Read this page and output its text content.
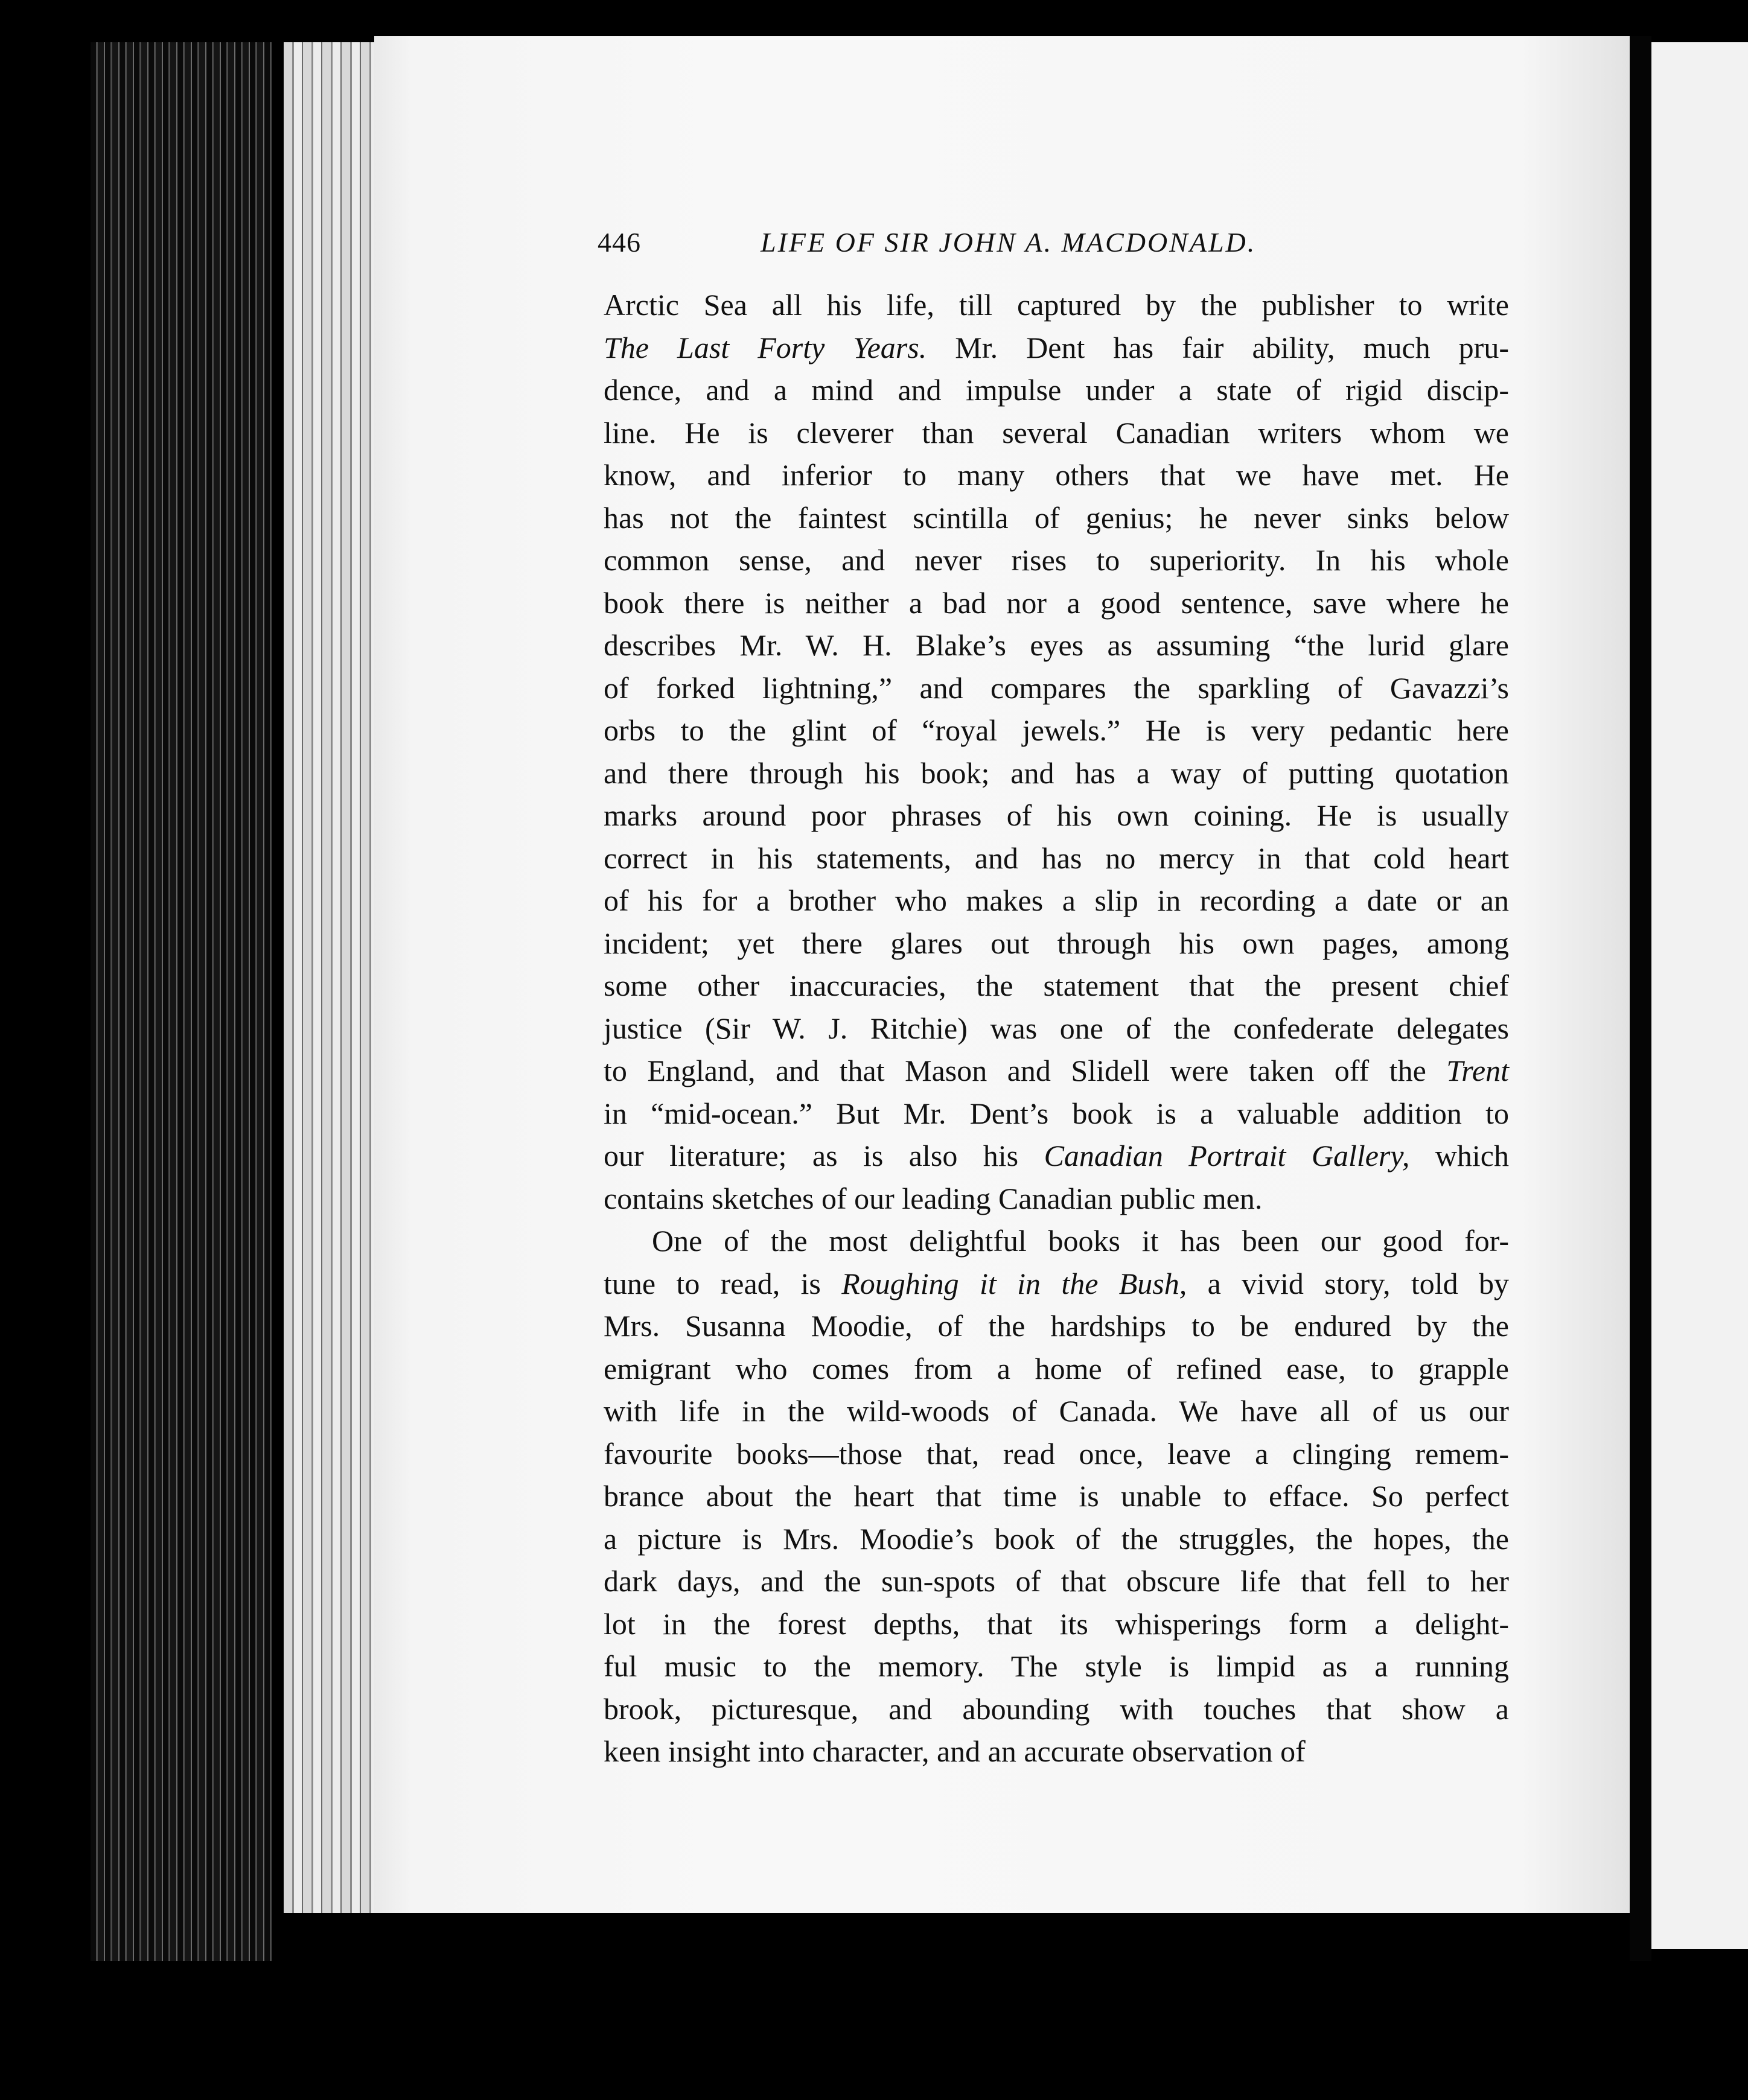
446	LIFE OF SIR JOHN A. MACDONALD.
Arctic Sea all his life, till captured by the publisher to write
The Last Forty Years. Mr. Dent has fair ability, much pru-
dence, and a mind and impulse under a state of rigid discip-
line. He is cleverer than several Canadian writers whom we
know, and inferior to many others that we have met. He
has not the faintest scintilla of genius; he never sinks below
common sense, and never rises to superiority. In his whole
book there is neither a bad nor a good sentence, save where he
describes Mr. W. H. Blake’s eyes as assuming “the lurid glare
of forked lightning,” and compares the sparkling of Gavazzi’s
orbs to the glint of “royal jewels.” He is very pedantic here
and there through his book; and has a way of putting quotation
marks around poor phrases of his own coining. He is usually
correct in his statements, and has no mercy in that cold heart
of his for a brother who makes a slip in recording a date or an
incident; yet there glares out through his own pages, among
some other inaccuracies, the statement that the present chief
justice (Sir W. J. Ritchie) was one of the confederate delegates
to England, and that Mason and Slidell were taken off the Trent
in “mid-ocean.” But Mr. Dent’s book is a valuable addition to
our literature; as is also his Canadian Portrait Gallery, which
contains sketches of our leading Canadian public men.
One of the most delightful books it has been our good for-
tune to read, is Roughing it in the Bush, a vivid story, told by
Mrs. Susanna Moodie, of the hardships to be endured by the
emigrant who comes from a home of refined ease, to grapple
with life in the wild-woods of Canada. We have all of us our
favourite books—those that, read once, leave a clinging remem-
brance about the heart that time is unable to efface. So perfect
a picture is Mrs. Moodie’s book of the struggles, the hopes, the
dark days, and the sun-spots of that obscure life that fell to her
lot in the forest depths, that its whisperings form a delight-
ful music to the memory. The style is limpid as a running
brook, picturesque, and abounding with touches that show a
keen insight into character, and an accurate observation of
